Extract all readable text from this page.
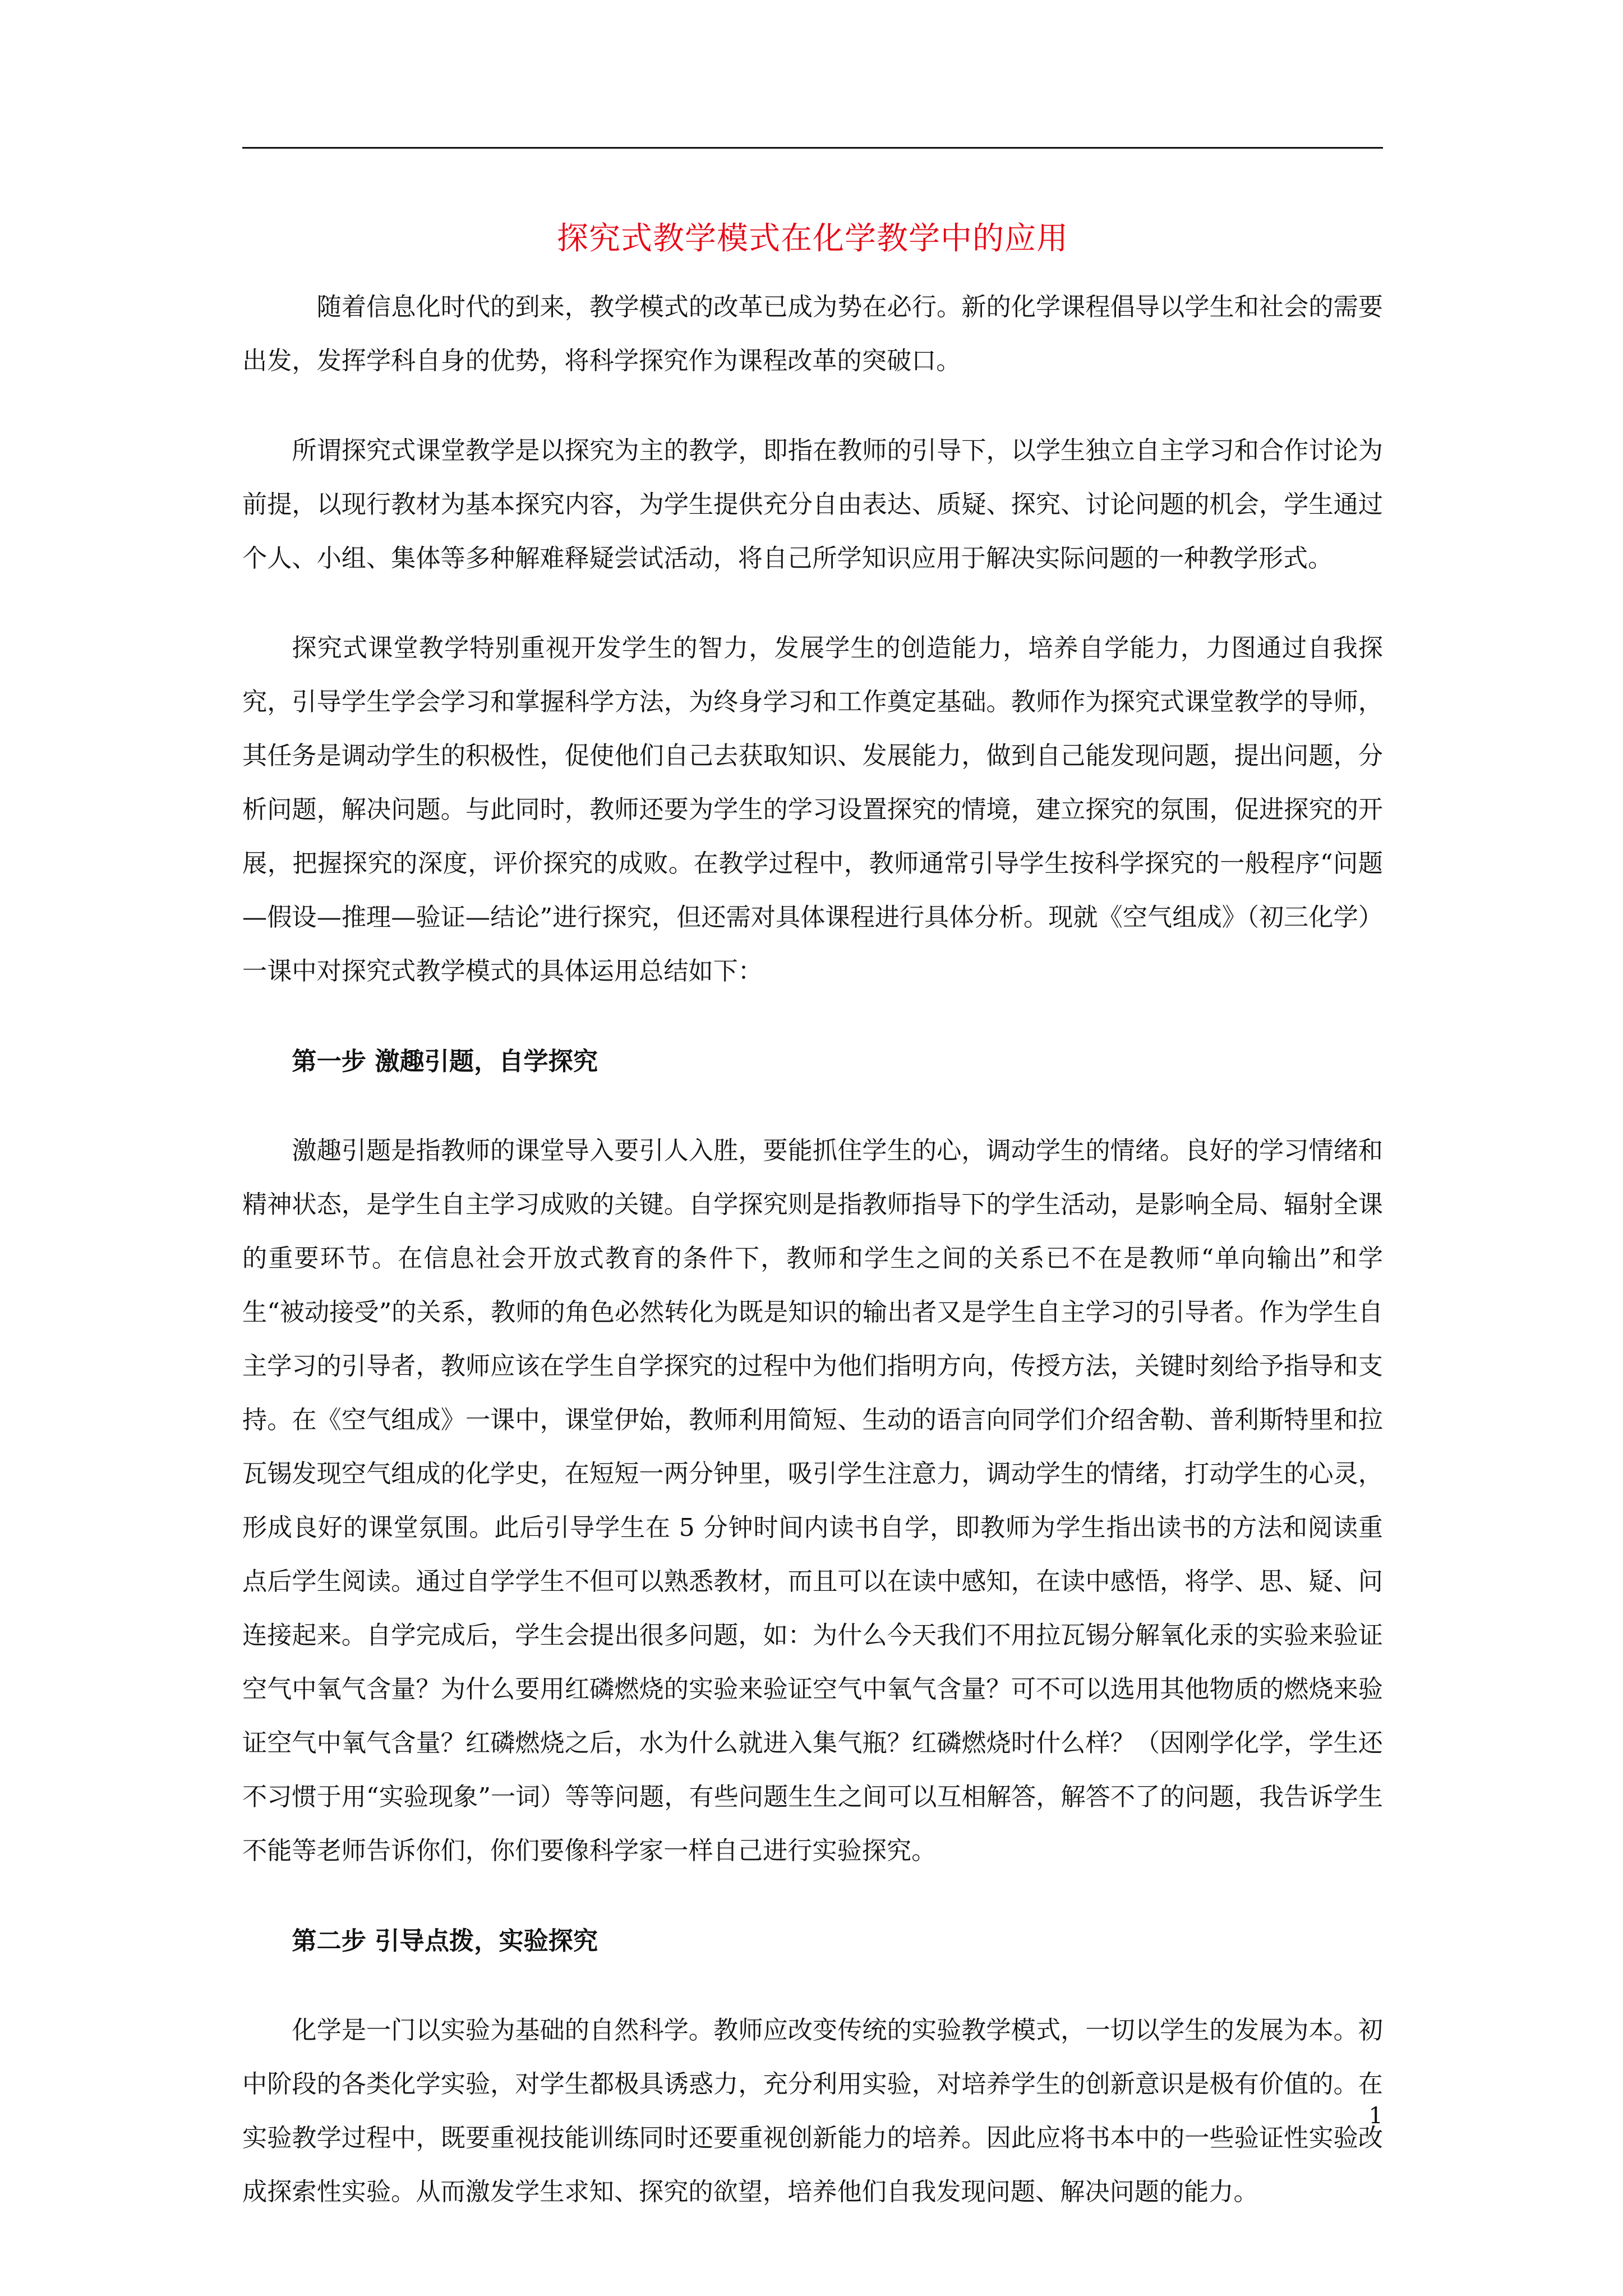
探究式教学模式在化学教学中的应用

随着信息化时代的到来，教学模式的改革已成为势在必行。新的化学课程倡导以学生和社会的需要出发，发挥学科自身的优势，将科学探究作为课程改革的突破口。

所谓探究式课堂教学是以探究为主的教学，即指在教师的引导下，以学生独立自主学习和合作讨论为前提，以现行教材为基本探究内容，为学生提供充分自由表达、质疑、探究、讨论问题的机会，学生通过个人、小组、集体等多种解难释疑尝试活动，将自己所学知识应用于解决实际问题的一种教学形式。

探究式课堂教学特别重视开发学生的智力，发展学生的创造能力，培养自学能力，力图通过自我探究，引导学生学会学习和掌握科学方法，为终身学习和工作奠定基础。教师作为探究式课堂教学的导师，其任务是调动学生的积极性，促使他们自己去获取知识、发展能力，做到自己能发现问题，提出问题，分析问题，解决问题。与此同时，教师还要为学生的学习设置探究的情境，建立探究的氛围，促进探究的开展，把握探究的深度，评价探究的成败。在教学过程中，教师通常引导学生按科学探究的一般程序“问题—假设—推理—验证—结论”进行探究，但还需对具体课程进行具体分析。现就《空气组成》（初三化学）一课中对探究式教学模式的具体运用总结如下：

第一步 激趣引题，自学探究

激趣引题是指教师的课堂导入要引人入胜，要能抓住学生的心，调动学生的情绪。良好的学习情绪和精神状态，是学生自主学习成败的关键。自学探究则是指教师指导下的学生活动，是影响全局、辐射全课的重要环节。在信息社会开放式教育的条件下，教师和学生之间的关系已不在是教师“单向输出”和学生“被动接受”的关系，教师的角色必然转化为既是知识的输出者又是学生自主学习的引导者。作为学生自主学习的引导者，教师应该在学生自学探究的过程中为他们指明方向，传授方法，关键时刻给予指导和支持。在《空气组成》一课中，课堂伊始，教师利用简短、生动的语言向同学们介绍舍勒、普利斯特里和拉瓦锡发现空气组成的化学史，在短短一两分钟里，吸引学生注意力，调动学生的情绪，打动学生的心灵，形成良好的课堂氛围。此后引导学生在 5 分钟时间内读书自学，即教师为学生指出读书的方法和阅读重点后学生阅读。通过自学学生不但可以熟悉教材，而且可以在读中感知，在读中感悟，将学、思、疑、问连接起来。自学完成后，学生会提出很多问题，如：为什么今天我们不用拉瓦锡分解氧化汞的实验来验证空气中氧气含量？为什么要用红磷燃烧的实验来验证空气中氧气含量？可不可以选用其他物质的燃烧来验证空气中氧气含量？红磷燃烧之后，水为什么就进入集气瓶？红磷燃烧时什么样？（因刚学化学，学生还不习惯于用“实验现象”一词）等等问题，有些问题生生之间可以互相解答，解答不了的问题，我告诉学生不能等老师告诉你们，你们要像科学家一样自己进行实验探究。

第二步 引导点拨，实验探究

化学是一门以实验为基础的自然科学。教师应改变传统的实验教学模式，一切以学生的发展为本。初中阶段的各类化学实验，对学生都极具诱惑力，充分利用实验，对培养学生的创新意识是极有价值的。在实验教学过程中，既要重视技能训练同时还要重视创新能力的培养。因此应将书本中的一些验证性实验改成探索性实验。从而激发学生求知、探究的欲望，培养他们自我发现问题、解决问题的能力。

1
